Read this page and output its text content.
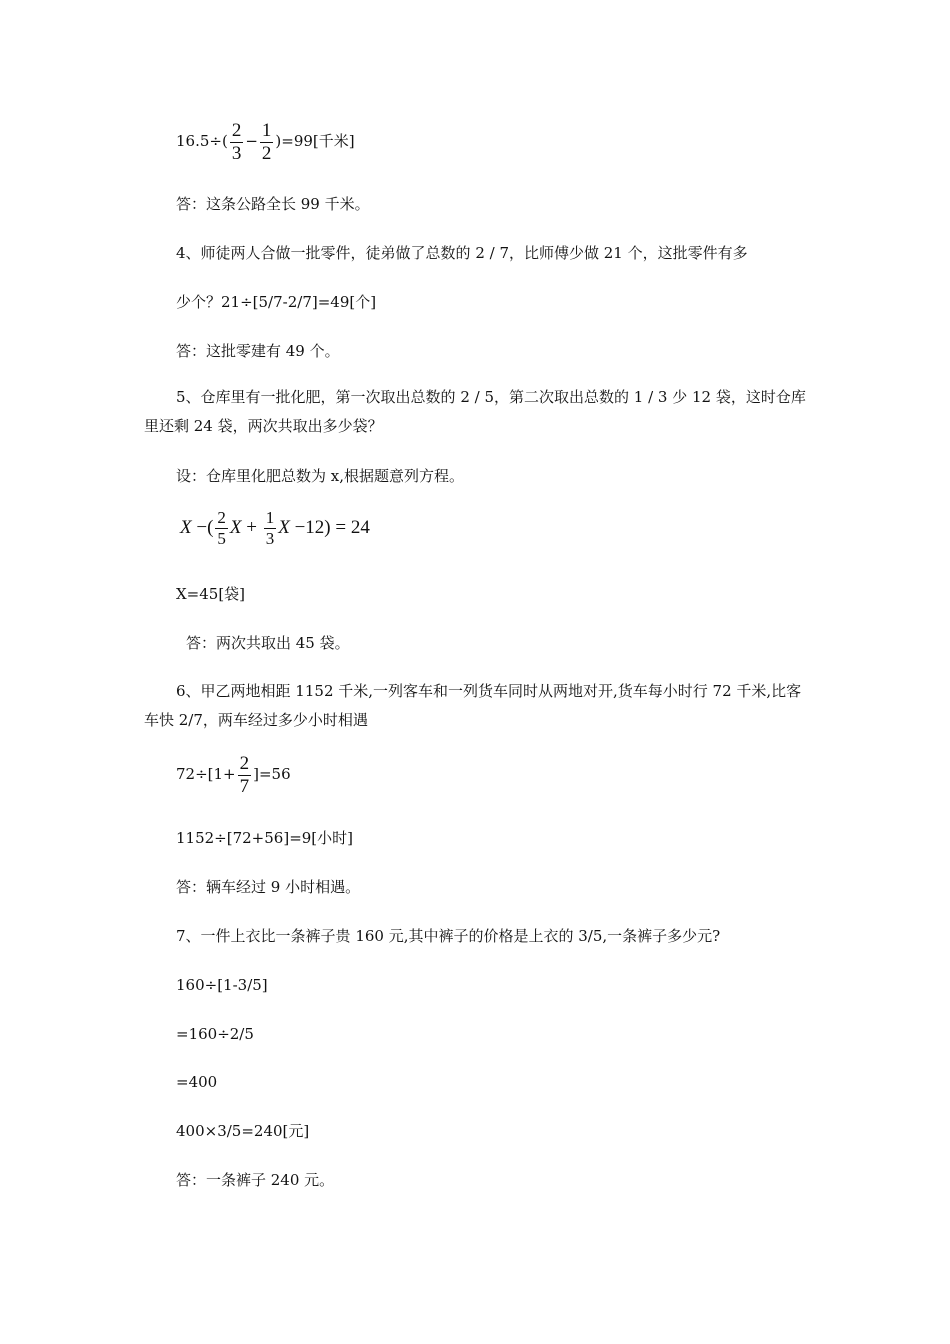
$16.5\div( \frac{2}{3} - \frac{1}{2} )=99$[千米]
答：这条公路全长 99 千米。
4、师徒两人合做一批零件，徒弟做了总数的 2 / 7，比师傅少做 21 个，这批零件有多
少个？21÷[5/7-2/7]=49[个]
答：这批零建有 49 个。
5、仓库里有一批化肥，第一次取出总数的 2 / 5，第二次取出总数的 1 / 3 少 12 袋，这时仓库里还剩 24 袋，两次共取出多少袋？
设：仓库里化肥总数为 x,根据题意列方程。
X −( $\frac{2}{5}$ $X + \frac{1}{3}$ X −12) = 24
X=45[袋]
答：两次共取出 45 袋。
6、甲乙两地相距 1152 千米,一列客车和一列货车同时从两地对开,货车每小时行 72 千米,比客车快 2/7，两车经过多少小时相遇
$72\div[1+ \frac{2}{7} ]=56$
1152÷[72+56]=9[小时]
答：辆车经过 9 小时相遇。
7、一件上衣比一条裤子贵 160 元,其中裤子的价格是上衣的 3/5,一条裤子多少元?
160÷[1-3/5]
=160÷2/5
=400
400×3/5=240[元]
答：一条裤子 240 元。
